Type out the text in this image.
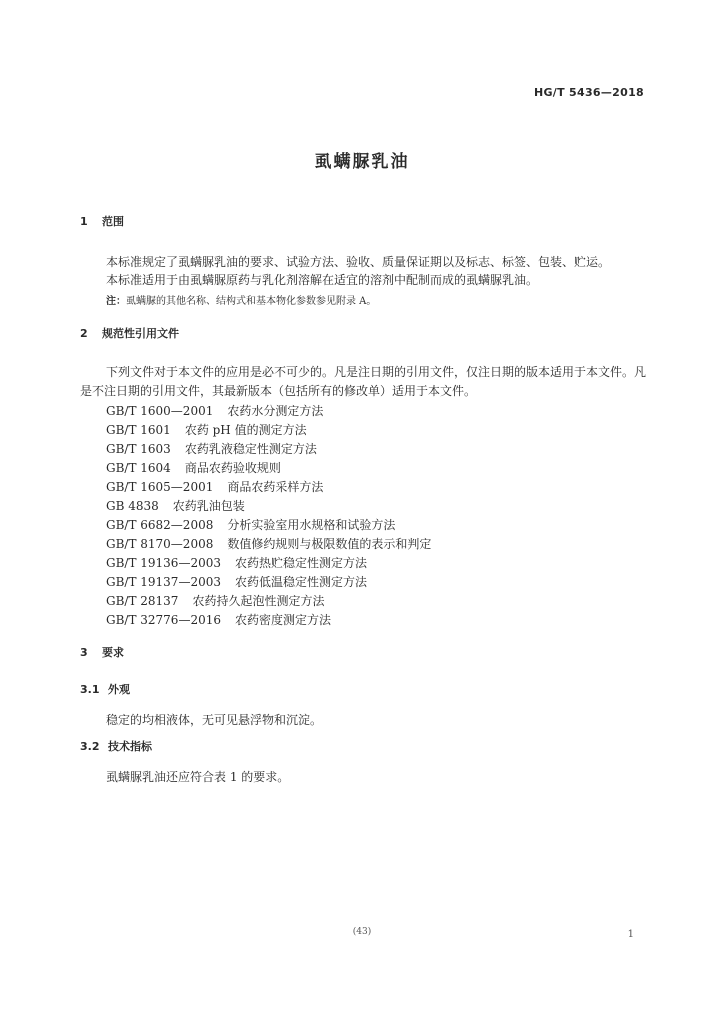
HG/T 5436—2018
虱螨脲乳油
1 范围
本标准规定了虱螨脲乳油的要求、试验方法、验收、质量保证期以及标志、标签、包装、贮运。
本标准适用于由虱螨脲原药与乳化剂溶解在适宜的溶剂中配制而成的虱螨脲乳油。
注：虱螨脲的其他名称、结构式和基本物化参数参见附录 A。
2 规范性引用文件
下列文件对于本文件的应用是必不可少的。凡是注日期的引用文件，仅注日期的版本适用于本文件。凡是不注日期的引用文件，其最新版本（包括所有的修改单）适用于本文件。
GB/T 1600—2001 农药水分测定方法
GB/T 1601 农药 pH 值的测定方法
GB/T 1603 农药乳液稳定性测定方法
GB/T 1604 商品农药验收规则
GB/T 1605—2001 商品农药采样方法
GB 4838 农药乳油包装
GB/T 6682—2008 分析实验室用水规格和试验方法
GB/T 8170—2008 数值修约规则与极限数值的表示和判定
GB/T 19136—2003 农药热贮稳定性测定方法
GB/T 19137—2003 农药低温稳定性测定方法
GB/T 28137 农药持久起泡性测定方法
GB/T 32776—2016 农药密度测定方法
3 要求
3.1 外观
稳定的均相液体，无可见悬浮物和沉淀。
3.2 技术指标
虱螨脲乳油还应符合表 1 的要求。
(43)	1
